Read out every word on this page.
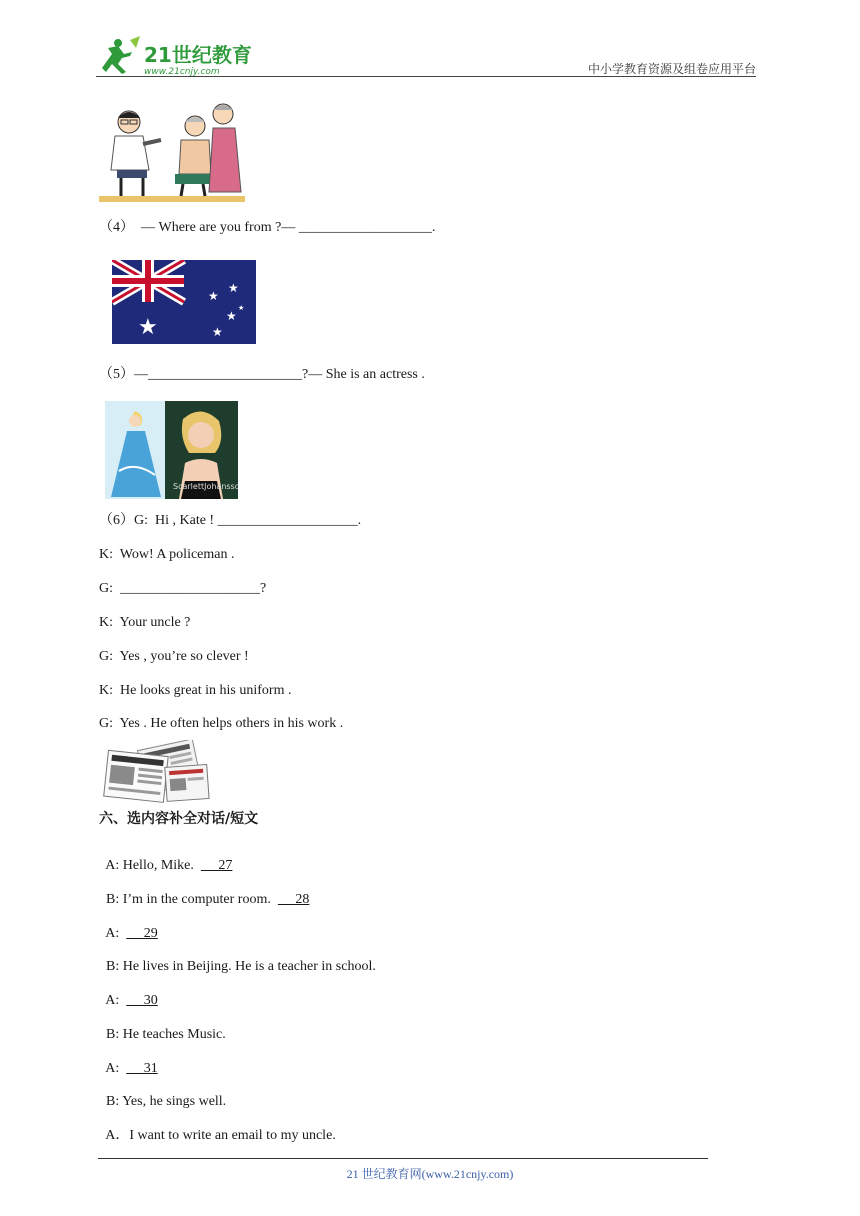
21世纪教育
www.21cnjy.com	中小学教育资源及组卷应用平台
（4）  — Where are you from ?— ___________________.
★
★
★
★
★
★
（5）—______________________?— She is an actress .
ScarlettJohansson
（6）G:  Hi , Kate ! ____________________.
K:  Wow! A policeman .
G:  ____________________?
K:  Your uncle ?
G:  Yes , you’re so clever !
K:  He looks great in his uniform .
G:  Yes . He often helps others in his work .
六、选内容补全对话/短文

A: Hello, Mike.       27

B: I’m in the computer room.       28

A:       29

B: He lives in Beijing. He is a teacher in school.

A:       30

B: He teaches Music.

A:       31

B: Yes, he sings well.

A．I want to write an email to my uncle.

21 世纪教育网(www.21cnjy.com)
